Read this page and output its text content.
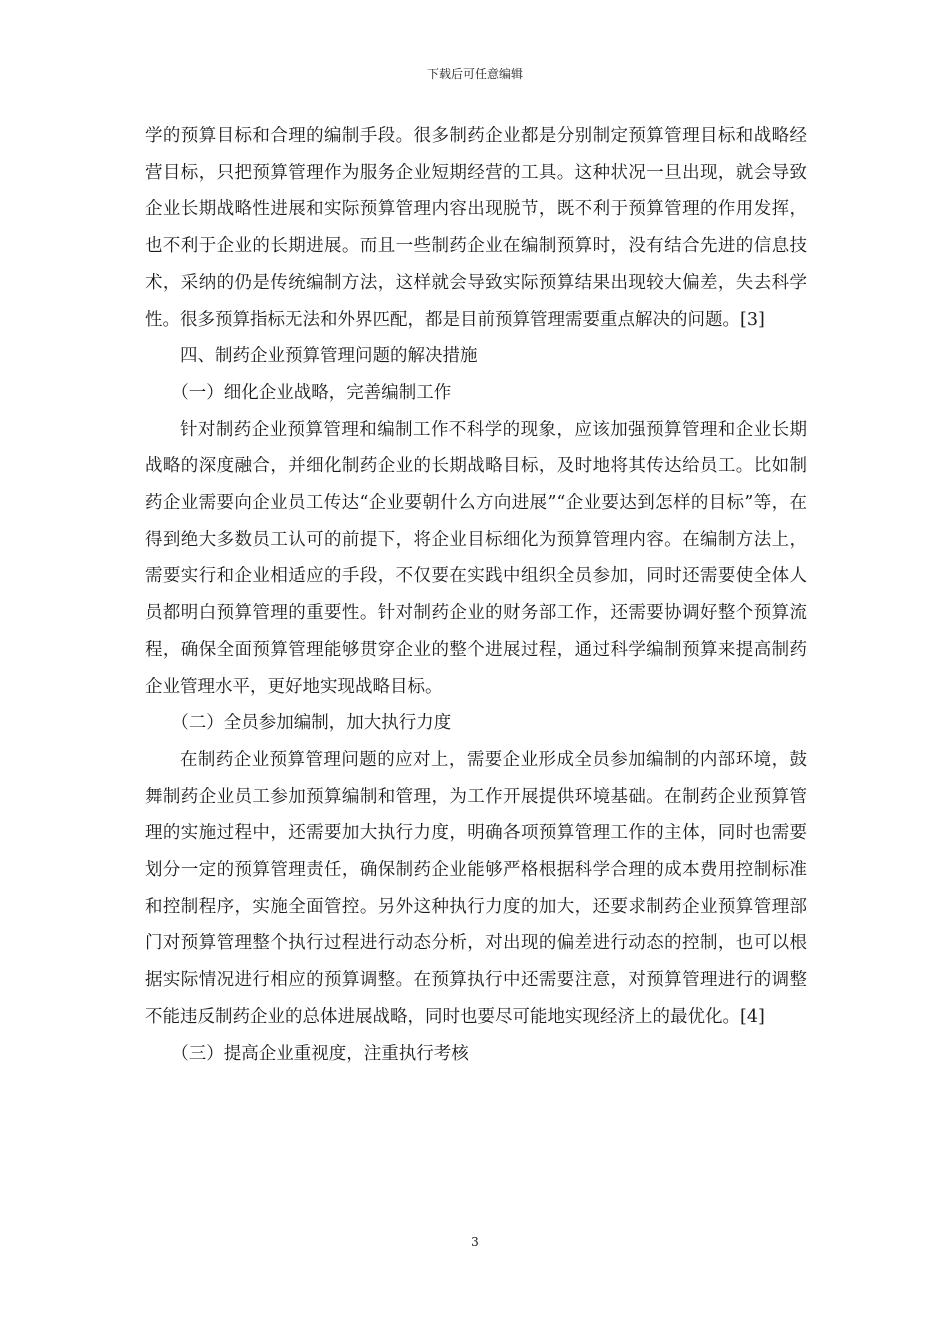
下载后可任意编辑

学的预算目标和合理的编制手段。很多制药企业都是分别制定预算管理目标和战略经营目标，只把预算管理作为服务企业短期经营的工具。这种状况一旦出现，就会导致企业长期战略性进展和实际预算管理内容出现脱节，既不利于预算管理的作用发挥，也不利于企业的长期进展。而且一些制药企业在编制预算时，没有结合先进的信息技术，采纳的仍是传统编制方法，这样就会导致实际预算结果出现较大偏差，失去科学性。很多预算指标无法和外界匹配，都是目前预算管理需要重点解决的问题。[3]

四、制药企业预算管理问题的解决措施

（一）细化企业战略，完善编制工作

针对制药企业预算管理和编制工作不科学的现象，应该加强预算管理和企业长期战略的深度融合，并细化制药企业的长期战略目标，及时地将其传达给员工。比如制药企业需要向企业员工传达“企业要朝什么方向进展”“企业要达到怎样的目标”等，在得到绝大多数员工认可的前提下，将企业目标细化为预算管理内容。在编制方法上，需要实行和企业相适应的手段，不仅要在实践中组织全员参加，同时还需要使全体人员都明白预算管理的重要性。针对制药企业的财务部工作，还需要协调好整个预算流程，确保全面预算管理能够贯穿企业的整个进展过程，通过科学编制预算来提高制药企业管理水平，更好地实现战略目标。

（二）全员参加编制，加大执行力度

在制药企业预算管理问题的应对上，需要企业形成全员参加编制的内部环境，鼓舞制药企业员工参加预算编制和管理，为工作开展提供环境基础。在制药企业预算管理的实施过程中，还需要加大执行力度，明确各项预算管理工作的主体，同时也需要划分一定的预算管理责任，确保制药企业能够严格根据科学合理的成本费用控制标准和控制程序，实施全面管控。另外这种执行力度的加大，还要求制药企业预算管理部门对预算管理整个执行过程进行动态分析，对出现的偏差进行动态的控制，也可以根据实际情况进行相应的预算调整。在预算执行中还需要注意，对预算管理进行的调整不能违反制药企业的总体进展战略，同时也要尽可能地实现经济上的最优化。[4]

（三）提高企业重视度，注重执行考核

3
